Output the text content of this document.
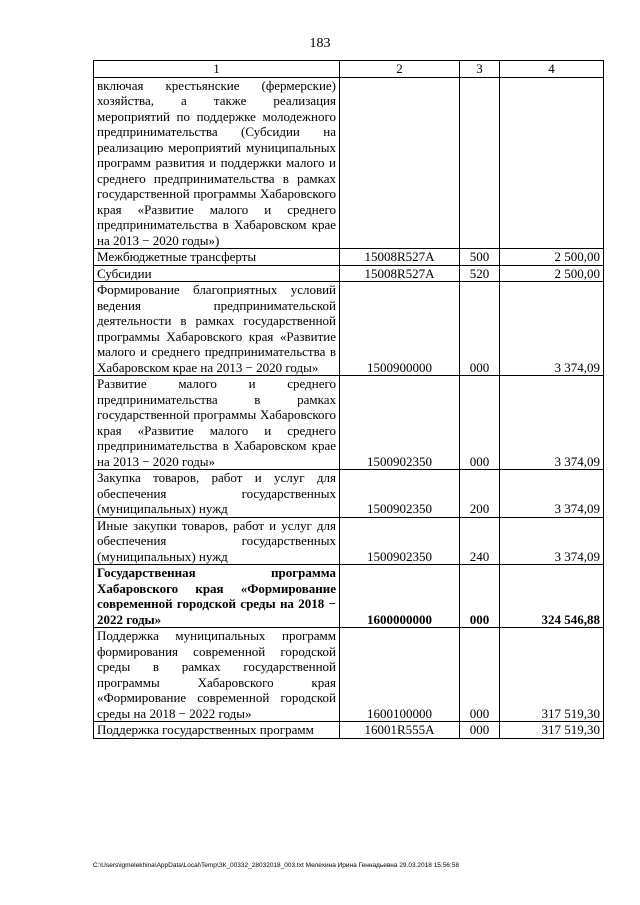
183
1	2	3	4
включая крестьянские (фермерские) хозяйства, а также реализация мероприятий по поддержке молодежного предпринимательства (Субсидии на реализацию мероприятий муниципальных программ развития и поддержки малого и среднего предпринимательства в рамках государственной программы Хабаровского края «Развитие малого и среднего предпринимательства в Хабаровском крае на 2013 − 2020 годы»)			
Межбюджетные трансферты	15008R527A	500	2 500,00
Субсидии	15008R527A	520	2 500,00
Формирование благоприятных условий ведения предпринимательской деятельности в рамках государственной программы Хабаровского края «Развитие малого и среднего предпринимательства в Хабаровском крае на 2013 − 2020 годы»	1500900000	000	3 374,09
Развитие малого и среднего предпринимательства в рамках государственной программы Хабаровского края «Развитие малого и среднего предпринимательства в Хабаровском крае на 2013 − 2020 годы»	1500902350	000	3 374,09
Закупка товаров, работ и услуг для обеспечения государственных (муниципальных) нужд	1500902350	200	3 374,09
Иные закупки товаров, работ и услуг для обеспечения государственных (муниципальных) нужд	1500902350	240	3 374,09
Государственная программа Хабаровского края «Формирование современной городской среды на 2018 − 2022 годы»	1600000000	000	324 546,88
Поддержка муниципальных программ формирования современной городской среды в рамках государственной программы Хабаровского края «Формирование современной городской среды на 2018 − 2022 годы»	1600100000	000	317 519,30
Поддержка государственных программ	16001R555A	000	317 519,30
C:\Users\igmelekhina\AppData\Local\Temp\ЗК_00332_28032018_003.txt Мелехина Ирина Геннадьевна 29.03.2018 15:56:58
